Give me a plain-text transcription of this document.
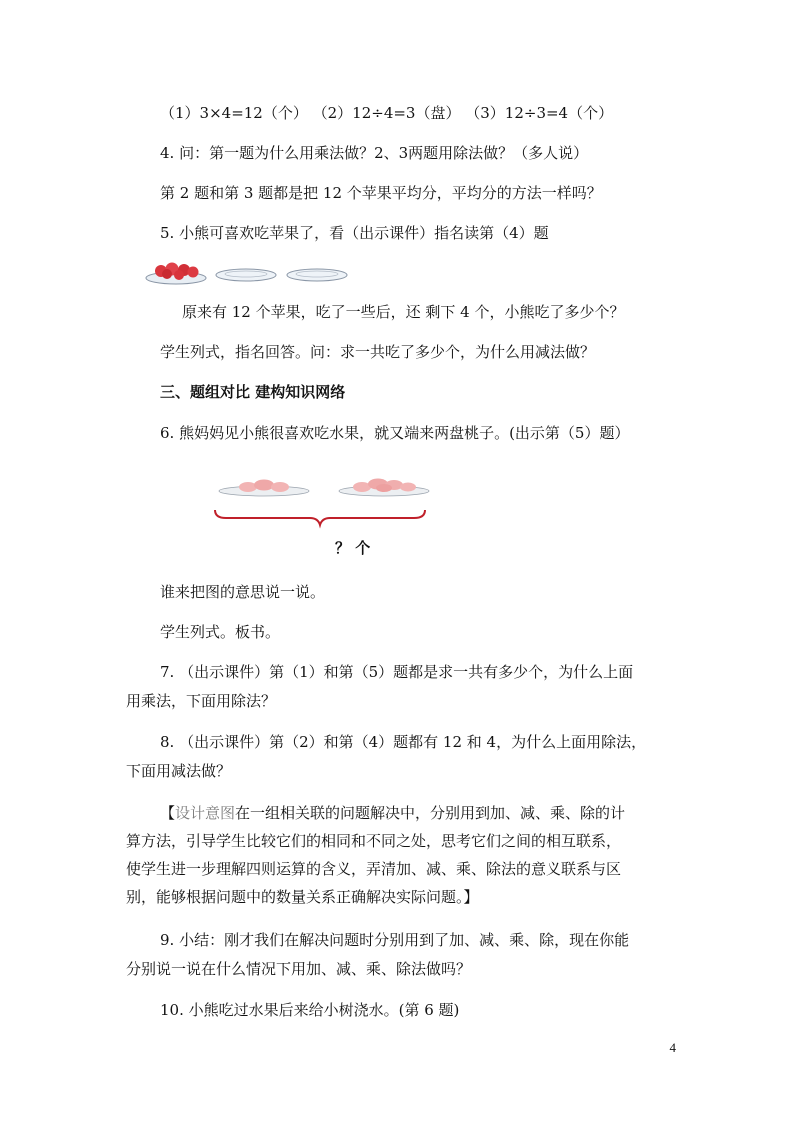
（1）3×4=12（个） （2）12÷4=3（盘） （3）12÷3=4（个）
4. 问：第一题为什么用乘法做？2、3两题用除法做？（多人说）
第 2 题和第 3 题都是把 12 个苹果平均分，平均分的方法一样吗？
5. 小熊可喜欢吃苹果了，看（出示课件）指名读第（4）题
原来有 12 个苹果，吃了一些后，还 剩下 4 个，小熊吃了多少个？
学生列式，指名回答。问：求一共吃了多少个，为什么用减法做？
三、题组对比 建构知识网络
6. 熊妈妈见小熊很喜欢吃水果，就又端来两盘桃子。(出示第（5）题）
？ 个
谁来把图的意思说一说。
学生列式。板书。
7. （出示课件）第（1）和第（5）题都是求一共有多少个，为什么上面
用乘法，下面用除法？
8. （出示课件）第（2）和第（4）题都有 12 和 4，为什么上面用除法，
下面用减法做？
【设计意图在一组相关联的问题解决中，分别用到加、减、乘、除的计
算方法，引导学生比较它们的相同和不同之处，思考它们之间的相互联系，
使学生进一步理解四则运算的含义，弄清加、减、乘、除法的意义联系与区
别，能够根据问题中的数量关系正确解决实际问题。】
9. 小结：刚才我们在解决问题时分别用到了加、减、乘、除，现在你能
分别说一说在什么情况下用加、减、乘、除法做吗？
10. 小熊吃过水果后来给小树浇水。(第 6 题)
4
